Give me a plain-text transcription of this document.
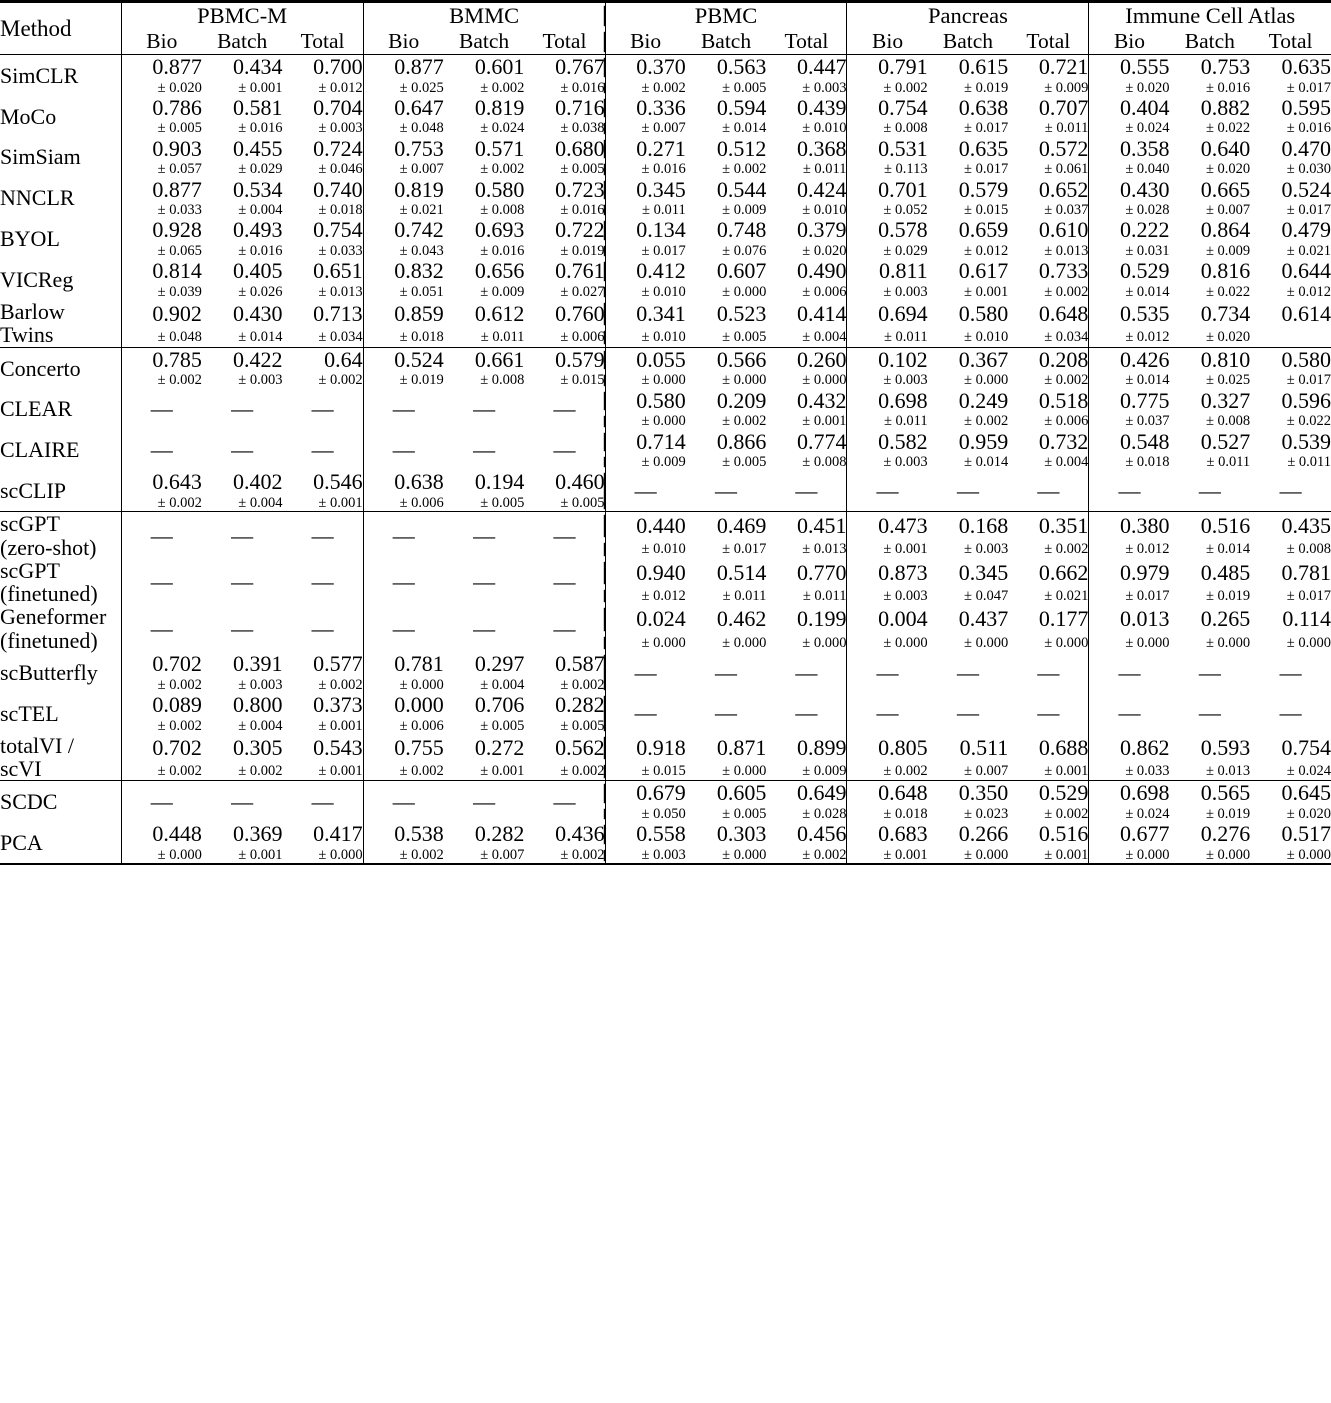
Method	PBMC-M			BMMC			PBMC			Pancreas			Immune Cell Atlas		
	Bio	Batch	Total	Bio	Batch	Total	Bio	Batch	Total	Bio	Batch	Total	Bio	Batch	Total

SimCLR	0.877	0.434	0.700	0.877	0.601	0.767	0.370	0.563	0.447	0.791	0.615	0.721	0.555	0.753	0.635
	± 0.020	± 0.001	± 0.012	± 0.025	± 0.002	± 0.016	± 0.002	± 0.005	± 0.003	± 0.002	± 0.019	± 0.009	± 0.020	± 0.016	± 0.017
MoCo	0.786	0.581	0.704	0.647	0.819	0.716	0.336	0.594	0.439	0.754	0.638	0.707	0.404	0.882	0.595
	± 0.005	± 0.016	± 0.003	± 0.048	± 0.024	± 0.038	± 0.007	± 0.014	± 0.010	± 0.008	± 0.017	± 0.011	± 0.024	± 0.022	± 0.016
SimSiam	0.903	0.455	0.724	0.753	0.571	0.680	0.271	0.512	0.368	0.531	0.635	0.572	0.358	0.640	0.470
	± 0.057	± 0.029	± 0.046	± 0.007	± 0.002	± 0.005	± 0.016	± 0.002	± 0.011	± 0.113	± 0.017	± 0.061	± 0.040	± 0.020	± 0.030
NNCLR	0.877	0.534	0.740	0.819	0.580	0.723	0.345	0.544	0.424	0.701	0.579	0.652	0.430	0.665	0.524
	± 0.033	± 0.004	± 0.018	± 0.021	± 0.008	± 0.016	± 0.011	± 0.009	± 0.010	± 0.052	± 0.015	± 0.037	± 0.028	± 0.007	± 0.017
BYOL	0.928	0.493	0.754	0.742	0.693	0.722	0.134	0.748	0.379	0.578	0.659	0.610	0.222	0.864	0.479
	± 0.065	± 0.016	± 0.033	± 0.043	± 0.016	± 0.019	± 0.017	± 0.076	± 0.020	± 0.029	± 0.012	± 0.013	± 0.031	± 0.009	± 0.021
VICReg	0.814	0.405	0.651	0.832	0.656	0.761	0.412	0.607	0.490	0.811	0.617	0.733	0.529	0.816	0.644
	± 0.039	± 0.026	± 0.013	± 0.051	± 0.009	± 0.027	± 0.010	± 0.000	± 0.006	± 0.003	± 0.001	± 0.002	± 0.014	± 0.022	± 0.012
Barlow
Twins	0.902	0.430	0.713	0.859	0.612	0.760	0.341	0.523	0.414	0.694	0.580	0.648	0.535	0.734	0.614
	± 0.048	± 0.014	± 0.034	± 0.018	± 0.011	± 0.006	± 0.010	± 0.005	± 0.004	± 0.011	± 0.010	± 0.034	± 0.012	± 0.020	

Concerto	0.785	0.422	0.64	0.524	0.661	0.579	0.055	0.566	0.260	0.102	0.367	0.208	0.426	0.810	0.580
	± 0.002	± 0.003	± 0.002	± 0.019	± 0.008	± 0.015	± 0.000	± 0.000	± 0.000	± 0.003	± 0.000	± 0.002	± 0.014	± 0.025	± 0.017
CLEAR	—	—	—	—	—	—	0.580	0.209	0.432	0.698	0.249	0.518	0.775	0.327	0.596
							± 0.000	± 0.002	± 0.001	± 0.011	± 0.002	± 0.006	± 0.037	± 0.008	± 0.022
CLAIRE	—	—	—	—	—	—	0.714	0.866	0.774	0.582	0.959	0.732	0.548	0.527	0.539
							± 0.009	± 0.005	± 0.008	± 0.003	± 0.014	± 0.004	± 0.018	± 0.011	± 0.011
scCLIP	0.643	0.402	0.546	0.638	0.194	0.460	—	—	—	—	—	—	—	—	—
	± 0.002	± 0.004	± 0.001	± 0.006	± 0.005	± 0.005									

scGPT
(zero-shot)	—	—	—	—	—	—	0.440	0.469	0.451	0.473	0.168	0.351	0.380	0.516	0.435
							± 0.010	± 0.017	± 0.013	± 0.001	± 0.003	± 0.002	± 0.012	± 0.014	± 0.008
scGPT
(finetuned)	—	—	—	—	—	—	0.940	0.514	0.770	0.873	0.345	0.662	0.979	0.485	0.781
							± 0.012	± 0.011	± 0.011	± 0.003	± 0.047	± 0.021	± 0.017	± 0.019	± 0.017
Geneformer
(finetuned)	—	—	—	—	—	—	0.024	0.462	0.199	0.004	0.437	0.177	0.013	0.265	0.114
							± 0.000	± 0.000	± 0.000	± 0.000	± 0.000	± 0.000	± 0.000	± 0.000	± 0.000
scButterfly	0.702	0.391	0.577	0.781	0.297	0.587	—	—	—	—	—	—	—	—	—
	± 0.002	± 0.003	± 0.002	± 0.000	± 0.004	± 0.002									
scTEL	0.089	0.800	0.373	0.000	0.706	0.282	—	—	—	—	—	—	—	—	—
	± 0.002	± 0.004	± 0.001	± 0.006	± 0.005	± 0.005									
totalVI /
scVI	0.702	0.305	0.543	0.755	0.272	0.562	0.918	0.871	0.899	0.805	0.511	0.688	0.862	0.593	0.754
	± 0.002	± 0.002	± 0.001	± 0.002	± 0.001	± 0.002	± 0.015	± 0.000	± 0.009	± 0.002	± 0.007	± 0.001	± 0.033	± 0.013	± 0.024

SCDC	—	—	—	—	—	—	0.679	0.605	0.649	0.648	0.350	0.529	0.698	0.565	0.645
							± 0.050	± 0.005	± 0.028	± 0.018	± 0.023	± 0.002	± 0.024	± 0.019	± 0.020
PCA	0.448	0.369	0.417	0.538	0.282	0.436	0.558	0.303	0.456	0.683	0.266	0.516	0.677	0.276	0.517
	± 0.000	± 0.001	± 0.000	± 0.002	± 0.007	± 0.002	± 0.003	± 0.000	± 0.002	± 0.001	± 0.000	± 0.001	± 0.000	± 0.000	± 0.000
